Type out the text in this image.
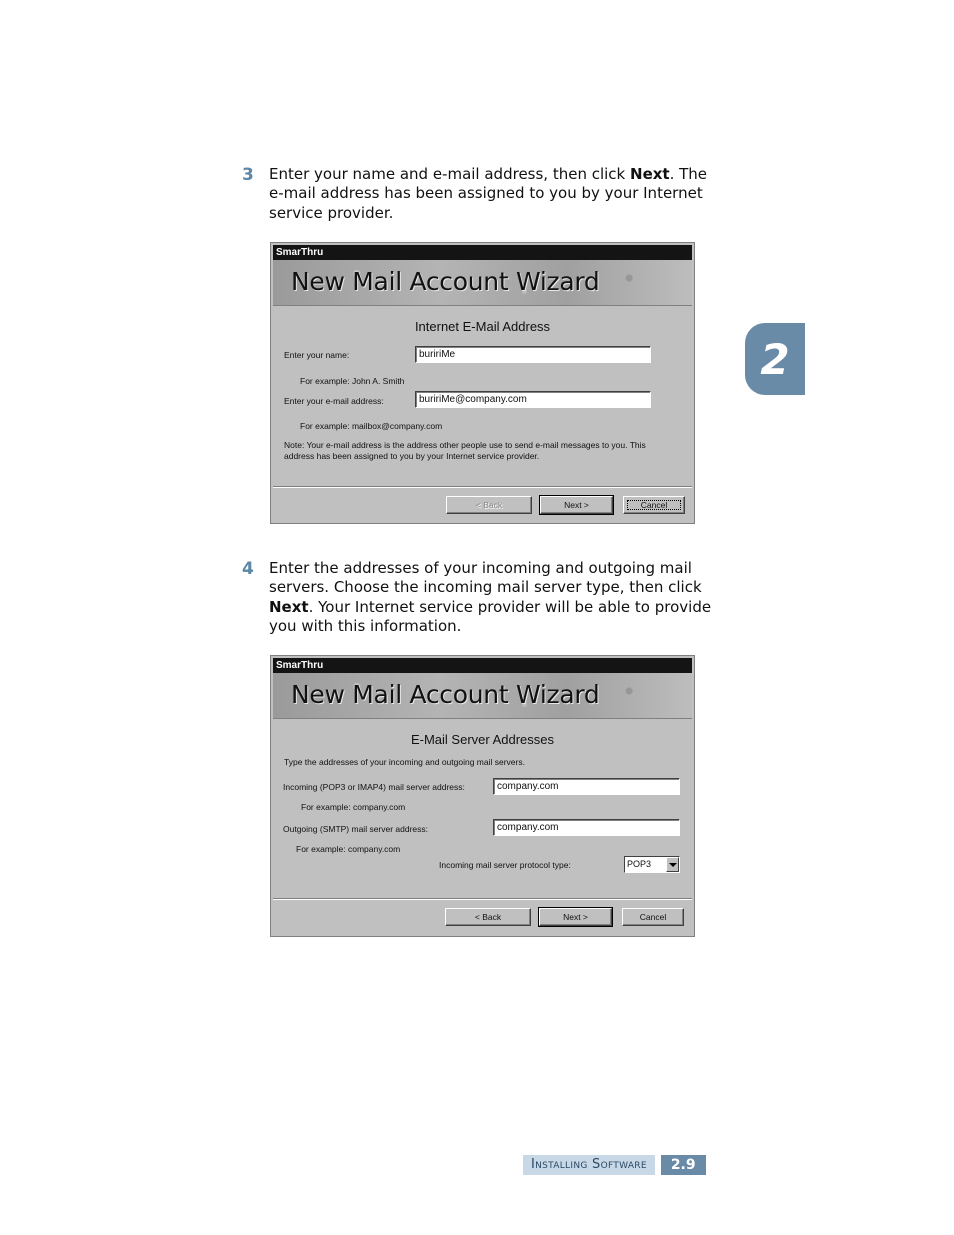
2
3 Enter your name and e-mail address, then click Next. The e-mail address has been assigned to you by your Internet service provider.
SmarThru
New Mail Account Wizard
Internet E-Mail Address
Enter your name:	buririMe
For example: John A. Smith
Enter your e-mail address:	buririMe@company.com
For example: mailbox@company.com
Note: Your e-mail address is the address other people use to send e-mail messages to you. This address has been assigned to you by your Internet service provider.
< Back	Next >	Cancel
4 Enter the addresses of your incoming and outgoing mail servers. Choose the incoming mail server type, then click Next. Your Internet service provider will be able to provide you with this information.
SmarThru
New Mail Account Wizard
E-Mail Server Addresses
Type the addresses of your incoming and outgoing mail servers.
Incoming (POP3 or IMAP4) mail server address:	company.com
For example: company.com
Outgoing (SMTP) mail server address:	company.com
For example: company.com
Incoming mail server protocol type:	POP3
< Back	Next >	Cancel
Installing Software	2.9
